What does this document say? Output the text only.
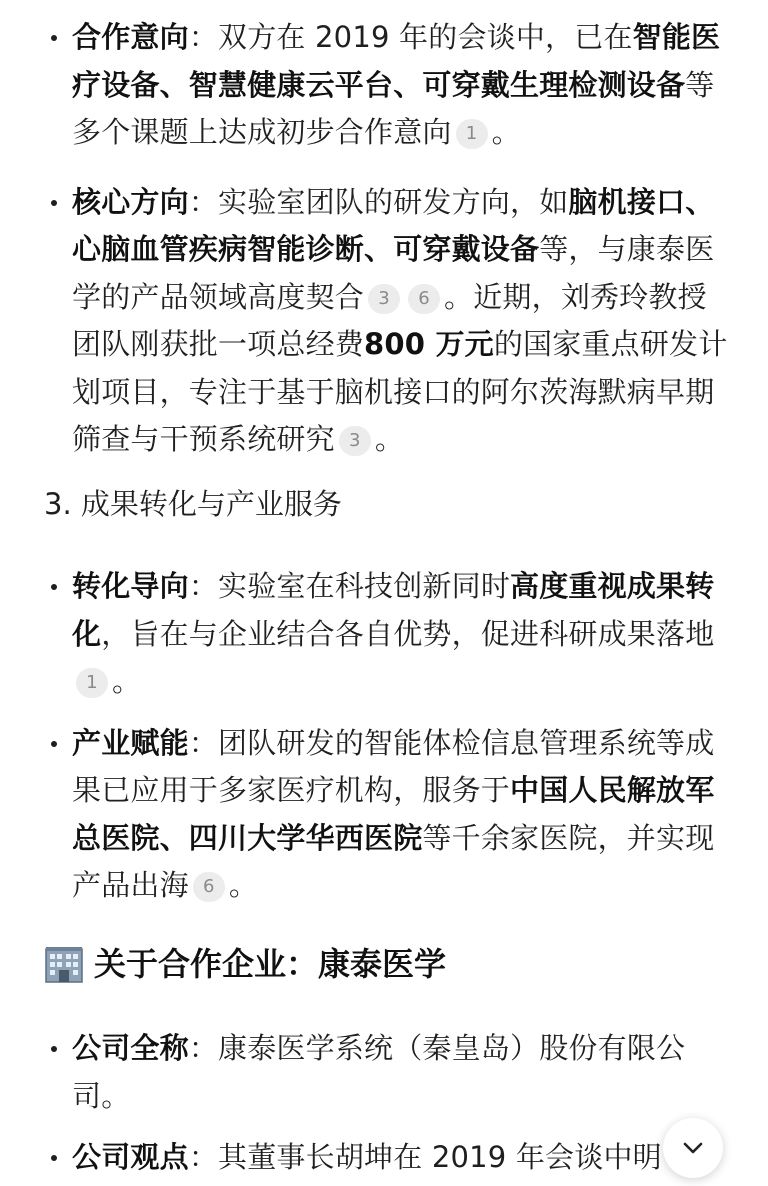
合作意向：双方在 2019 年的会谈中，已在智能医疗设备、智慧健康云平台、可穿戴生理检测设备等多个课题上达成初步合作意向 1 。
核心方向：实验室团队的研发方向，如脑机接口、心脑血管疾病智能诊断、可穿戴设备等，与康泰医学的产品领域高度契合 3 6 。近期，刘秀玲教授团队刚获批一项总经费800 万元的国家重点研发计划项目，专注于基于脑机接口的阿尔茨海默病早期筛查与干预系统研究 3 。
3. 成果转化与产业服务
转化导向：实验室在科技创新同时高度重视成果转化，旨在与企业结合各自优势，促进科研成果落地1 。
产业赋能：团队研发的智能体检信息管理系统等成果已应用于多家医疗机构，服务于中国人民解放军总医院、四川大学华西医院等千余家医院，并实现产品出海 6 。
关于合作企业：康泰医学
公司全称：康泰医学系统（秦皇岛）股份有限公司。
公司观点：其董事长胡坤在 2019 年会谈中明
